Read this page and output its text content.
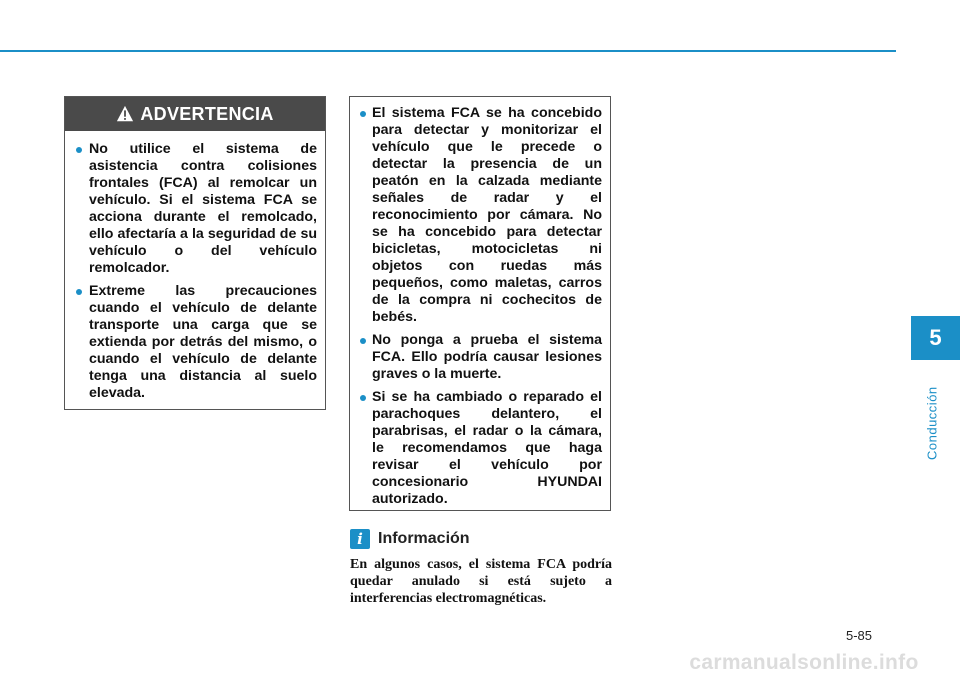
ADVERTENCIA
No utilice el sistema de asistencia contra colisiones frontales (FCA) al remolcar un vehículo. Si el sistema FCA se acciona durante el remolcado, ello afectaría a la seguridad de su vehículo o del vehículo remolcador.
Extreme las precauciones cuando el vehículo de delante transporte una carga que se extienda por detrás del mismo, o cuando el vehículo de delante tenga una distancia al suelo elevada.
El sistema FCA se ha concebido para detectar y monitorizar el vehículo que le precede o detectar la presencia de un peatón en la calzada mediante señales de radar y el reconocimiento por cámara. No se ha concebido para detectar bicicletas, motocicletas ni objetos con ruedas más pequeños, como maletas, carros de la compra ni cochecitos de bebés.
No ponga a prueba el sistema FCA. Ello podría causar lesiones graves o la muerte.
Si se ha cambiado o reparado el parachoques delantero, el parabrisas, el radar o la cámara, le recomendamos que haga revisar el vehículo por concesionario HYUNDAI autorizado.
i Información

En algunos casos, el sistema FCA podría quedar anulado si está sujeto a interferencias electromagnéticas.

5
Conducción
5-85
carmanualsonline.info
